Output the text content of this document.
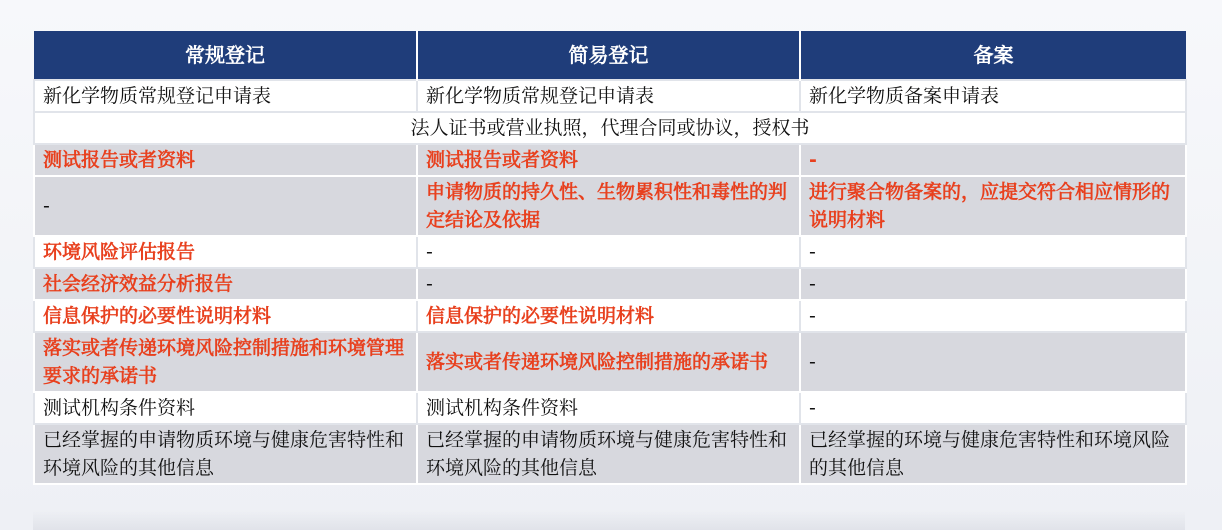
常规登记	简易登记	备案
新化学物质常规登记申请表	新化学物质常规登记申请表	新化学物质备案申请表
法人证书或营业执照，代理合同或协议，授权书		
测试报告或者资料	测试报告或者资料	-
-	申请物质的持久性、生物累积性和毒性的判定结论及依据	进行聚合物备案的，应提交符合相应情形的说明材料
环境风险评估报告	-	-
社会经济效益分析报告	-	-
信息保护的必要性说明材料	信息保护的必要性说明材料	-
落实或者传递环境风险控制措施和环境管理要求的承诺书	落实或者传递环境风险控制措施的承诺书	-
测试机构条件资料	测试机构条件资料	-
已经掌握的申请物质环境与健康危害特性和环境风险的其他信息	已经掌握的申请物质环境与健康危害特性和环境风险的其他信息	已经掌握的环境与健康危害特性和环境风险的其他信息
